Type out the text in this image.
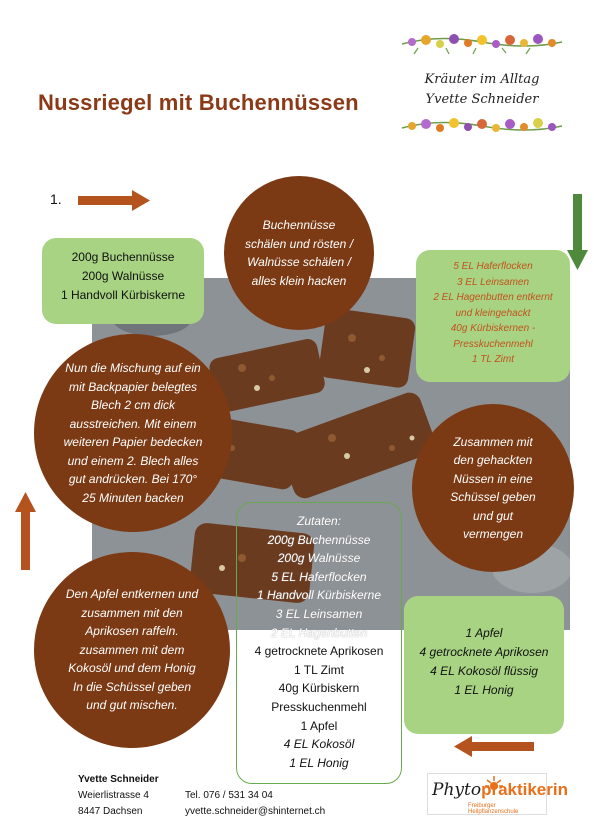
Nussriegel mit Buchennüssen
Kräuter im Alltag
Yvette Schneider
1.
200g Buchennüsse
200g Walnüsse
1 Handvoll Kürbiskerne
5 EL Haferflocken
3 EL Leinsamen
2 EL Hagenbutten entkernt
und kleingehackt
40g Kürbiskernen -
Presskuchenmehl
1 TL Zimt
1 Apfel
4 getrocknete Aprikosen
4 EL Kokosöl flüssig
1 EL Honig
Buchennüsse
schälen und rösten /
Walnüsse schälen /
alles klein hacken
Nun die Mischung auf ein
mit Backpapier belegtes
Blech 2 cm dick
ausstreichen. Mit einem
weiteren Papier bedecken
und einem 2. Blech alles
gut andrücken. Bei 170°
25 Minuten backen
Zusammen mit
den gehackten
Nüssen in eine
Schüssel geben
und gut
vermengen
Den Apfel entkernen und
zusammen mit den
Aprikosen raffeln.
zusammen mit dem
Kokosöl und dem Honig
In die Schüssel geben
und gut mischen.
Zutaten:
200g Buchennüsse
200g Walnüsse
5 EL Haferflocken
1 Handvoll Kürbiskerne
3 EL Leinsamen
2 EL Hagenbutten
4 getrocknete Aprikosen
1 TL Zimt
40g Kürbiskern
Presskuchenmehl
1 Apfel
4 EL Kokosöl
1 EL Honig
Yvette Schneider
Weierlistrasse 4
8447 Dachsen
Tel. 076 / 531 34 04
yvette.schneider@shinternet.ch
Phytopraktikerin
Freiburger Heilpflanzenschule
